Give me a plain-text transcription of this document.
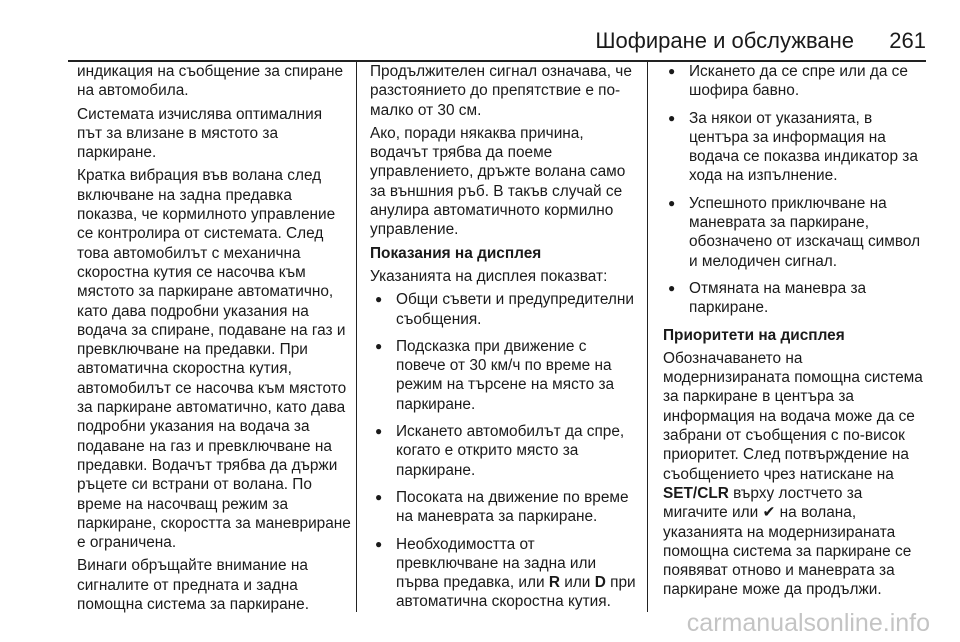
Шофиране и обслужване 261

индикация на съобщение за спиране на автомобила.

Системата изчислява оптималния път за влизане в мястото за паркиране.

Кратка вибрация във волана след включване на задна предавка показва, че кормилното управление се контролира от системата. След това автомобилът с механична скоростна кутия се насочва към мястото за паркиране автоматично, като дава подробни указания на водача за спиране, подаване на газ и превключване на предавки. При автоматична скоростна кутия, автомобилът се насочва към мястото за паркиране автоматично, като дава подробни указания на водача за подаване на газ и превключване на предавки. Водачът трябва да държи ръцете си встрани от волана. По време на насочващ режим за паркиране, скоростта за маневриране е ограничена.

Винаги обръщайте внимание на сигналите от предната и задна помощна система за паркиране.

Продължителен сигнал означава, че разстоянието до препятствие е по-малко от 30 см.

Ако, поради някаква причина, водачът трябва да поеме управлението, дръжте волана само за външния ръб. В такъв случай се анулира автоматичното кормилно управление.

Показания на дисплея

Указанията на дисплея показват:

● Общи съвети и предупредителни съобщения.
● Подсказка при движение с повече от 30 км/ч по време на режим на търсене на място за паркиране.
● Искането автомобилът да спре, когато е открито място за паркиране.
● Посоката на движение по време на маневрата за паркиране.
● Необходимостта от превключване на задна или първа предавка, или R или D при автоматична скоростна кутия.
● Искането да се спре или да се шофира бавно.
● За някои от указанията, в центъра за информация на водача се показва индикатор за хода на изпълнение.
● Успешното приключване на маневрата за паркиране, обозначено от изскачащ символ и мелодичен сигнал.
● Отмяната на маневра за паркиране.

Приоритети на дисплея

Обозначаването на модернизираната помощна система за паркиране в центъра за информация на водача може да се забрани от съобщения с по-висок приоритет. След потвърждение на съобщението чрез натискане на SET/CLR върху лостчето за мигачите или ✔ на волана, указанията на модернизираната помощна система за паркиране се появяват отново и маневрата за паркиране може да продължи.

carmanualsonline.info
